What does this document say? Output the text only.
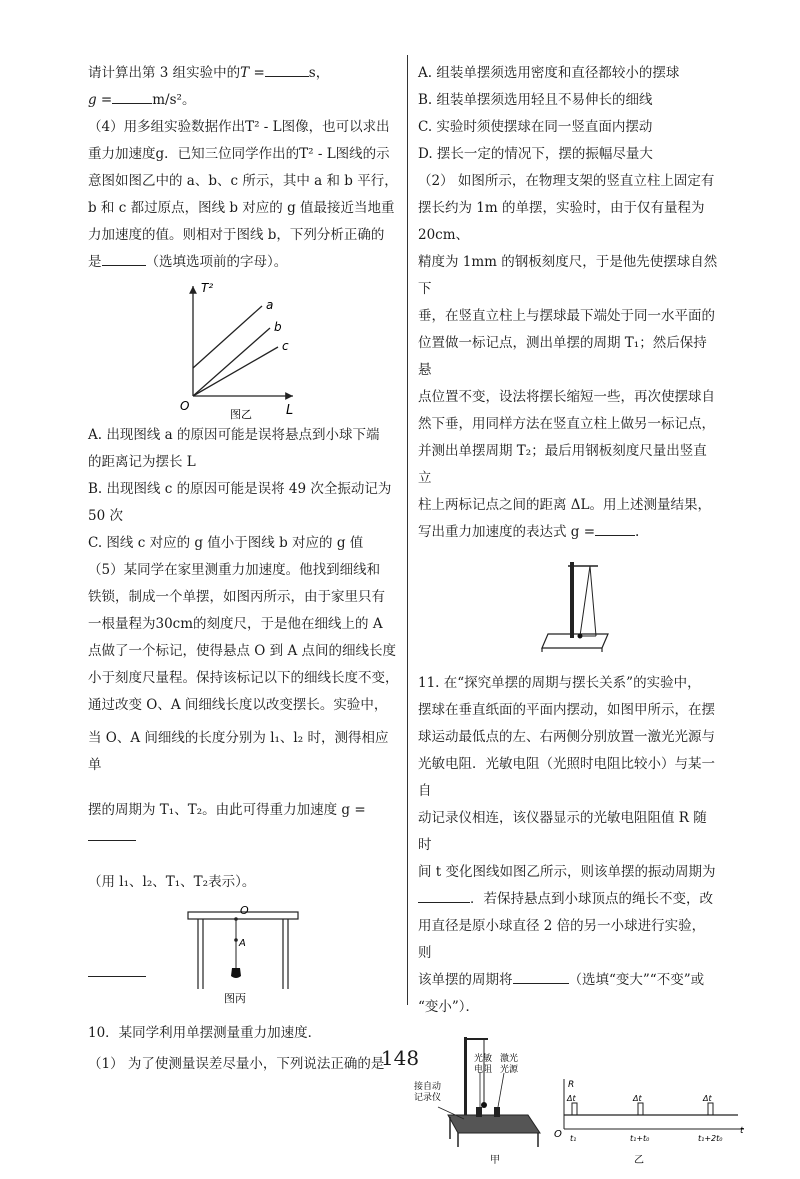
请计算出第 3 组实验中的T =	s，

g =	m/s²。

（4）用多组实验数据作出T² - L图像，也可以求出

重力加速度g．已知三位同学作出的T² - L图线的示

意图如图乙中的 a、b、c 所示，其中 a 和 b 平行，

b 和 c 都过原点，图线 b 对应的 g 值最接近当地重

力加速度的值。则相对于图线 b，下列分析正确的

是	（选填选项前的字母）。

T²
L
O
a
b
c
图乙

A. 出现图线 a 的原因可能是误将悬点到小球下端

的距离记为摆长 L

B. 出现图线 c 的原因可能是误将 49 次全振动记为

50 次

C. 图线 c 对应的 g 值小于图线 b 对应的 g 值

（5）某同学在家里测重力加速度。他找到细线和

铁锁，制成一个单摆，如图丙所示，由于家里只有

一根量程为30cm的刻度尺，于是他在细线上的 A

点做了一个标记，使得悬点 O 到 A 点间的细线长度

小于刻度尺量程。保持该标记以下的细线长度不变，

通过改变 O、A 间细线长度以改变摆长。实验中，

当 O、A 间细线的长度分别为 l₁、l₂ 时，测得相应单

摆的周期为 T₁、T₂。由此可得重力加速度 g =

（用 l₁、l₂、T₁、T₂表示）。

O
A
图丙

10．某同学利用单摆测量重力加速度．

（1） 为了使测量误差尽量小，下列说法正确的是

A. 组装单摆须选用密度和直径都较小的摆球

B. 组装单摆须选用轻且不易伸长的细线

C. 实验时须使摆球在同一竖直面内摆动

D. 摆长一定的情况下，摆的振幅尽量大

（2） 如图所示，在物理支架的竖直立柱上固定有

摆长约为 1m 的单摆，实验时，由于仅有量程为 20cm、

精度为 1mm 的钢板刻度尺，于是他先使摆球自然下

垂，在竖直立柱上与摆球最下端处于同一水平面的

位置做一标记点，测出单摆的周期 T₁；然后保持悬

点位置不变，设法将摆长缩短一些，再次使摆球自

然下垂，用同样方法在竖直立柱上做另一标记点，

并测出单摆周期 T₂；最后用钢板刻度尺量出竖直立

柱上两标记点之间的距离 ΔL。用上述测量结果，

写出重力加速度的表达式 g =	.

11. 在“探究单摆的周期与摆长关系”的实验中，

摆球在垂直纸面的平面内摆动，如图甲所示，在摆

球运动最低点的左、右两侧分别放置一激光光源与

光敏电阻．光敏电阻（光照时电阻比较小）与某一自

动记录仪相连，该仪器显示的光敏电阻阻值 R 随时

间 t 变化图线如图乙所示，则该单摆的振动周期为

．若保持悬点到小球顶点的绳长不变，改

用直径是原小球直径 2 倍的另一小球进行实验，则

该单摆的周期将	（选填“变大”“不变”或

“变小”）．

接自动
记录仪
光敏
电阻
激光
光源
甲
R
t
O
Δt	Δt	Δt
t₁	t₁+t₀	t₁+2t₀
乙
148
